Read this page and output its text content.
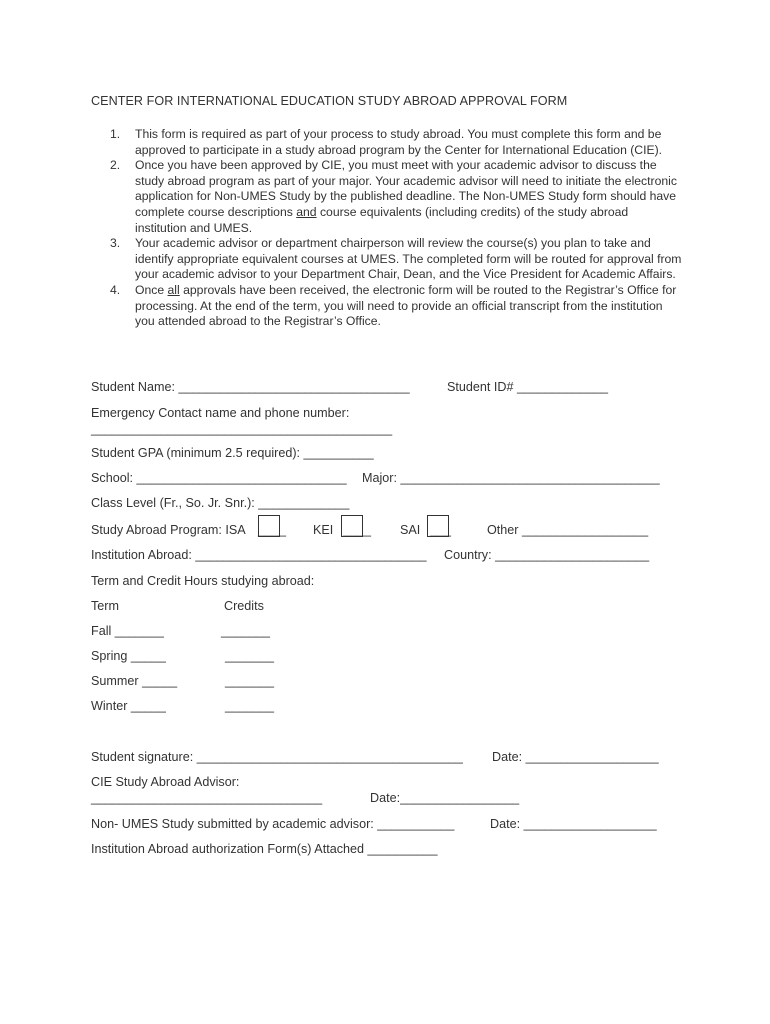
CENTER FOR INTERNATIONAL EDUCATION STUDY ABROAD APPROVAL FORM
1. This form is required as part of your process to study abroad. You must complete this form and be approved to participate in a study abroad program by the Center for International Education (CIE).
2. Once you have been approved by CIE, you must meet with your academic advisor to discuss the study abroad program as part of your major. Your academic advisor will need to initiate the electronic application for Non-UMES Study by the published deadline. The Non-UMES Study form should have complete course descriptions and course equivalents (including credits) of the study abroad institution and UMES.
3. Your academic advisor or department chairperson will review the course(s) you plan to take and identify appropriate equivalent courses at UMES. The completed form will be routed for approval from your academic advisor to your Department Chair, Dean, and the Vice President for Academic Affairs.
4. Once all approvals have been received, the electronic form will be routed to the Registrar’s Office for processing. At the end of the term, you will need to provide an official transcript from the institution you attended abroad to the Registrar’s Office.
Student Name: _________________________________	Student ID# _____________
Emergency Contact name and phone number:
___________________________________________
Student GPA (minimum 2.5 required): __________
School: ______________________________ Major: _____________________________________
Class Level (Fr., So. Jr. Snr.): _____________
Study Abroad Program: ISA ____ KEI ____ SAI ___	Other __________________
Institution Abroad: _________________________________ Country: ______________________
Term and Credit Hours studying abroad:
Term	Credits
Fall _______	_______
Spring _____	_______
Summer _____	_______
Winter _____	_______
Student signature: ______________________________________ Date: ___________________
CIE Study Abroad Advisor:
_________________________________	Date:_________________
Non- UMES Study submitted by academic advisor: ___________	Date: ___________________
Institution Abroad authorization Form(s) Attached __________
